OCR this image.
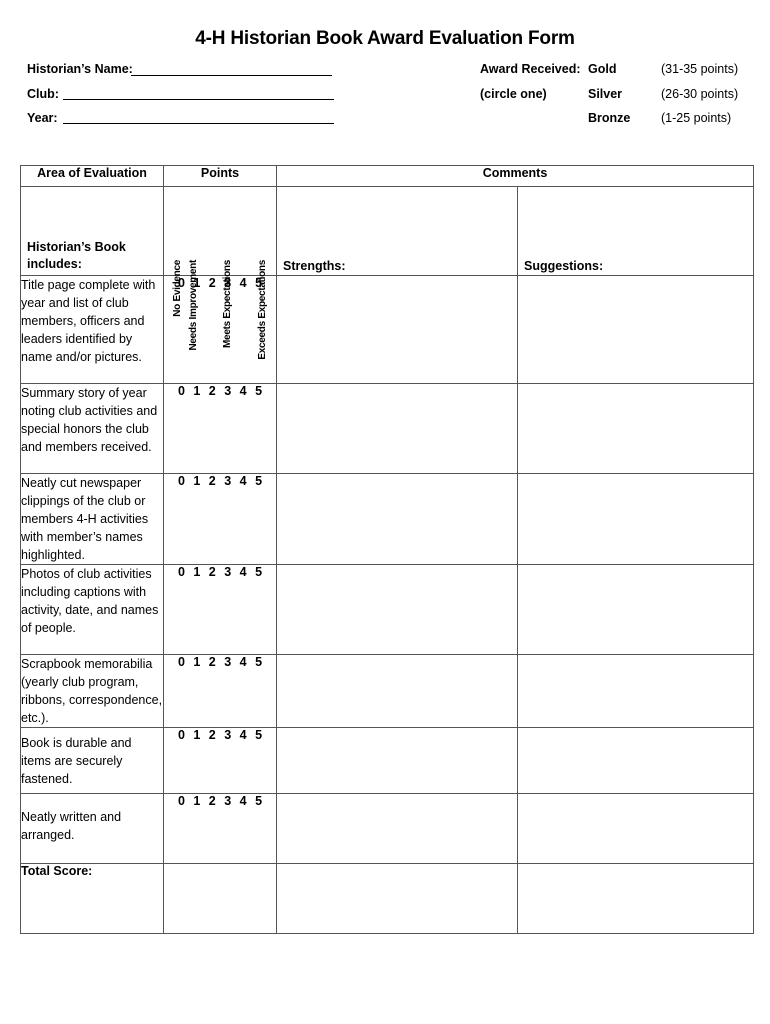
4-H Historian Book Award Evaluation Form
Historian’s Name:
Club:
Year:
Award Received:
(circle one)
Gold	(31-35 points)
Silver	(26-30 points)
Bronze (1-25 points)
Area of Evaluation	Points	Comments	

Historian’s Book includes:	No Evidence Needs Improvement Meets Expectations Exceeds Expectations	Strengths:	Suggestions:

Title page complete with year and list of club members, officers and leaders identified by name and/or pictures.	0 1 2 3 4 5		
Summary story of year noting club activities and special honors the club and members received.	0 1 2 3 4 5		
Neatly cut newspaper clippings of the club or members 4-H activities with member’s names highlighted.	0 1 2 3 4 5		
Photos of club activities including captions with activity, date, and names of people.	0 1 2 3 4 5		
Scrapbook memorabilia (yearly club program, ribbons, correspondence, etc.).	0 1 2 3 4 5		
Book is durable and items are securely fastened.	0 1 2 3 4 5		
Neatly written and arranged.	0 1 2 3 4 5		
Total Score:			
